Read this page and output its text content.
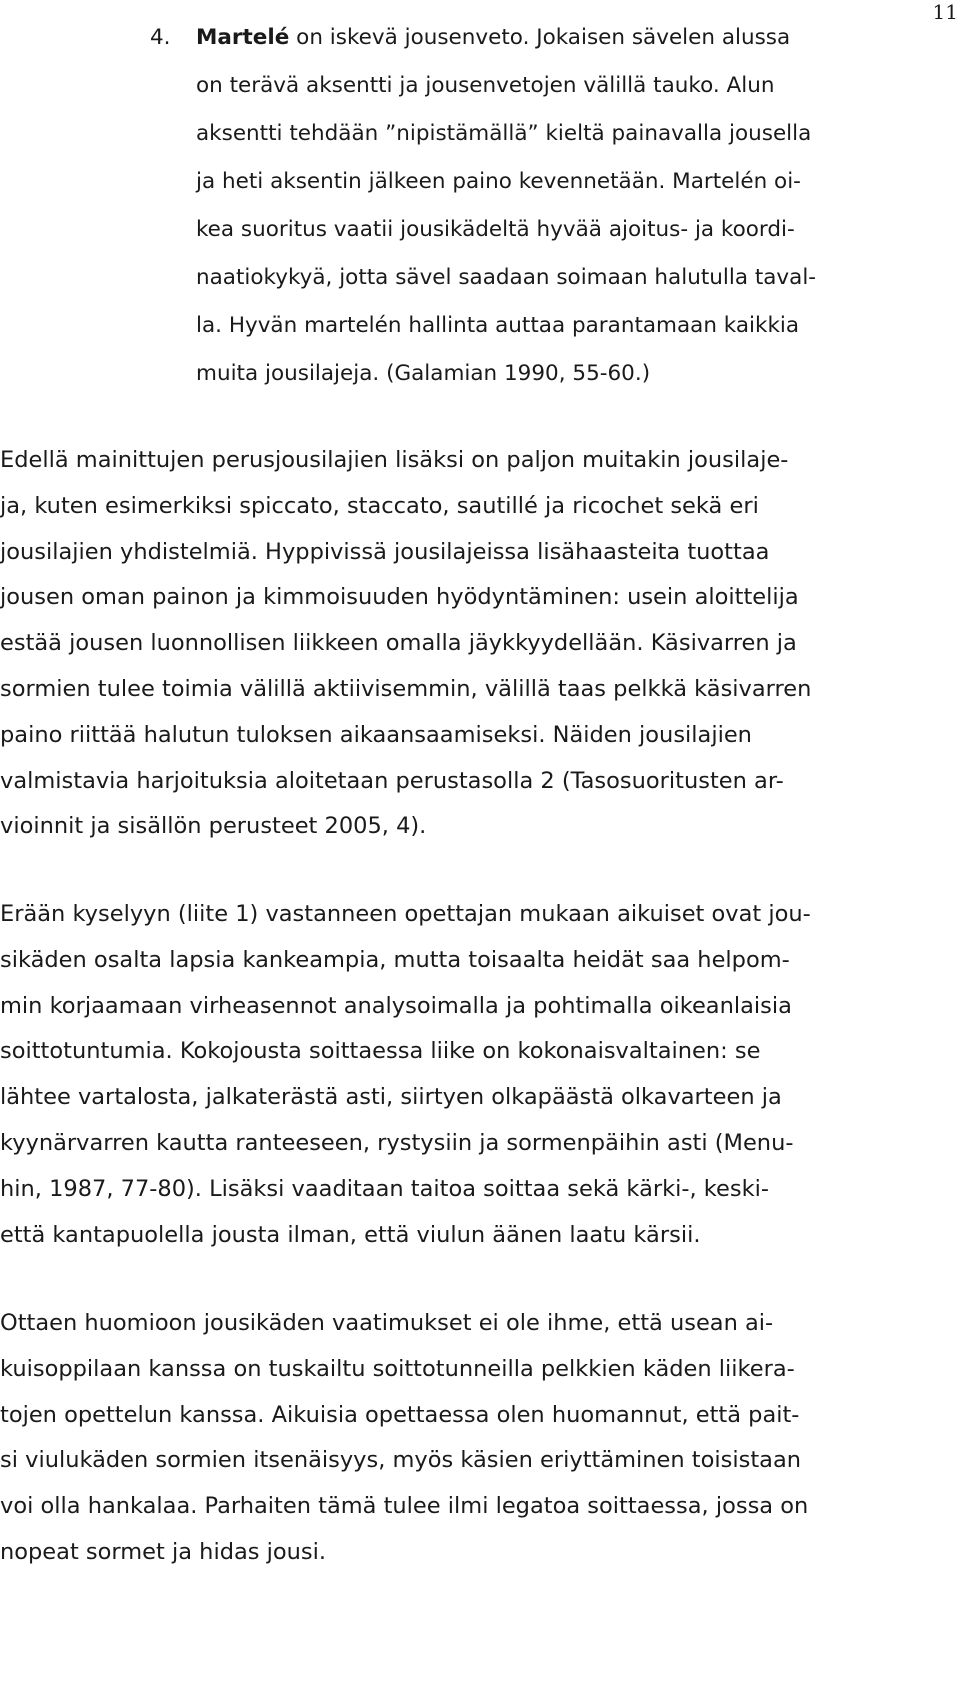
11
4. Martelé on iskevä jousenveto. Jokaisen sävelen alussa
on terävä aksentti ja jousenvetojen välillä tauko. Alun
aksentti tehdään ”nipistämällä” kieltä painavalla jousella
ja heti aksentin jälkeen paino kevennetään. Martelén oi-
kea suoritus vaatii jousikädeltä hyvää ajoitus- ja koordi-
naatiokykyä, jotta sävel saadaan soimaan halutulla taval-
la. Hyvän martelén hallinta auttaa parantamaan kaikkia
muita jousilajeja. (Galamian 1990, 55-60.)

Edellä mainittujen perusjousilajien lisäksi on paljon muitakin jousilaje-
ja, kuten esimerkiksi spiccato, staccato, sautillé ja ricochet sekä eri
jousilajien yhdistelmiä. Hyppivissä jousilajeissa lisähaasteita tuottaa
jousen oman painon ja kimmoisuuden hyödyntäminen: usein aloittelija
estää jousen luonnollisen liikkeen omalla jäykkyydellään. Käsivarren ja
sormien tulee toimia välillä aktiivisemmin, välillä taas pelkkä käsivarren
paino riittää halutun tuloksen aikaansaamiseksi. Näiden jousilajien
valmistavia harjoituksia aloitetaan perustasolla 2 (Tasosuoritusten ar-
vioinnit ja sisällön perusteet 2005, 4).

Erään kyselyyn (liite 1) vastanneen opettajan mukaan aikuiset ovat jou-
sikäden osalta lapsia kankeampia, mutta toisaalta heidät saa helpom-
min korjaamaan virheasennot analysoimalla ja pohtimalla oikeanlaisia
soittotuntumia. Kokojousta soittaessa liike on kokonaisvaltainen: se
lähtee vartalosta, jalkaterästä asti, siirtyen olkapäästä olkavarteen ja
kyynärvarren kautta ranteeseen, rystysiin ja sormenpäihin asti (Menu-
hin, 1987, 77-80). Lisäksi vaaditaan taitoa soittaa sekä kärki-, keski-
että kantapuolella jousta ilman, että viulun äänen laatu kärsii.

Ottaen huomioon jousikäden vaatimukset ei ole ihme, että usean ai-
kuisoppilaan kanssa on tuskailtu soittotunneilla pelkkien käden liikera-
tojen opettelun kanssa. Aikuisia opettaessa olen huomannut, että pait-
si viulukäden sormien itsenäisyys, myös käsien eriyttäminen toisistaan
voi olla hankalaa. Parhaiten tämä tulee ilmi legatoa soittaessa, jossa on
nopeat sormet ja hidas jousi.
